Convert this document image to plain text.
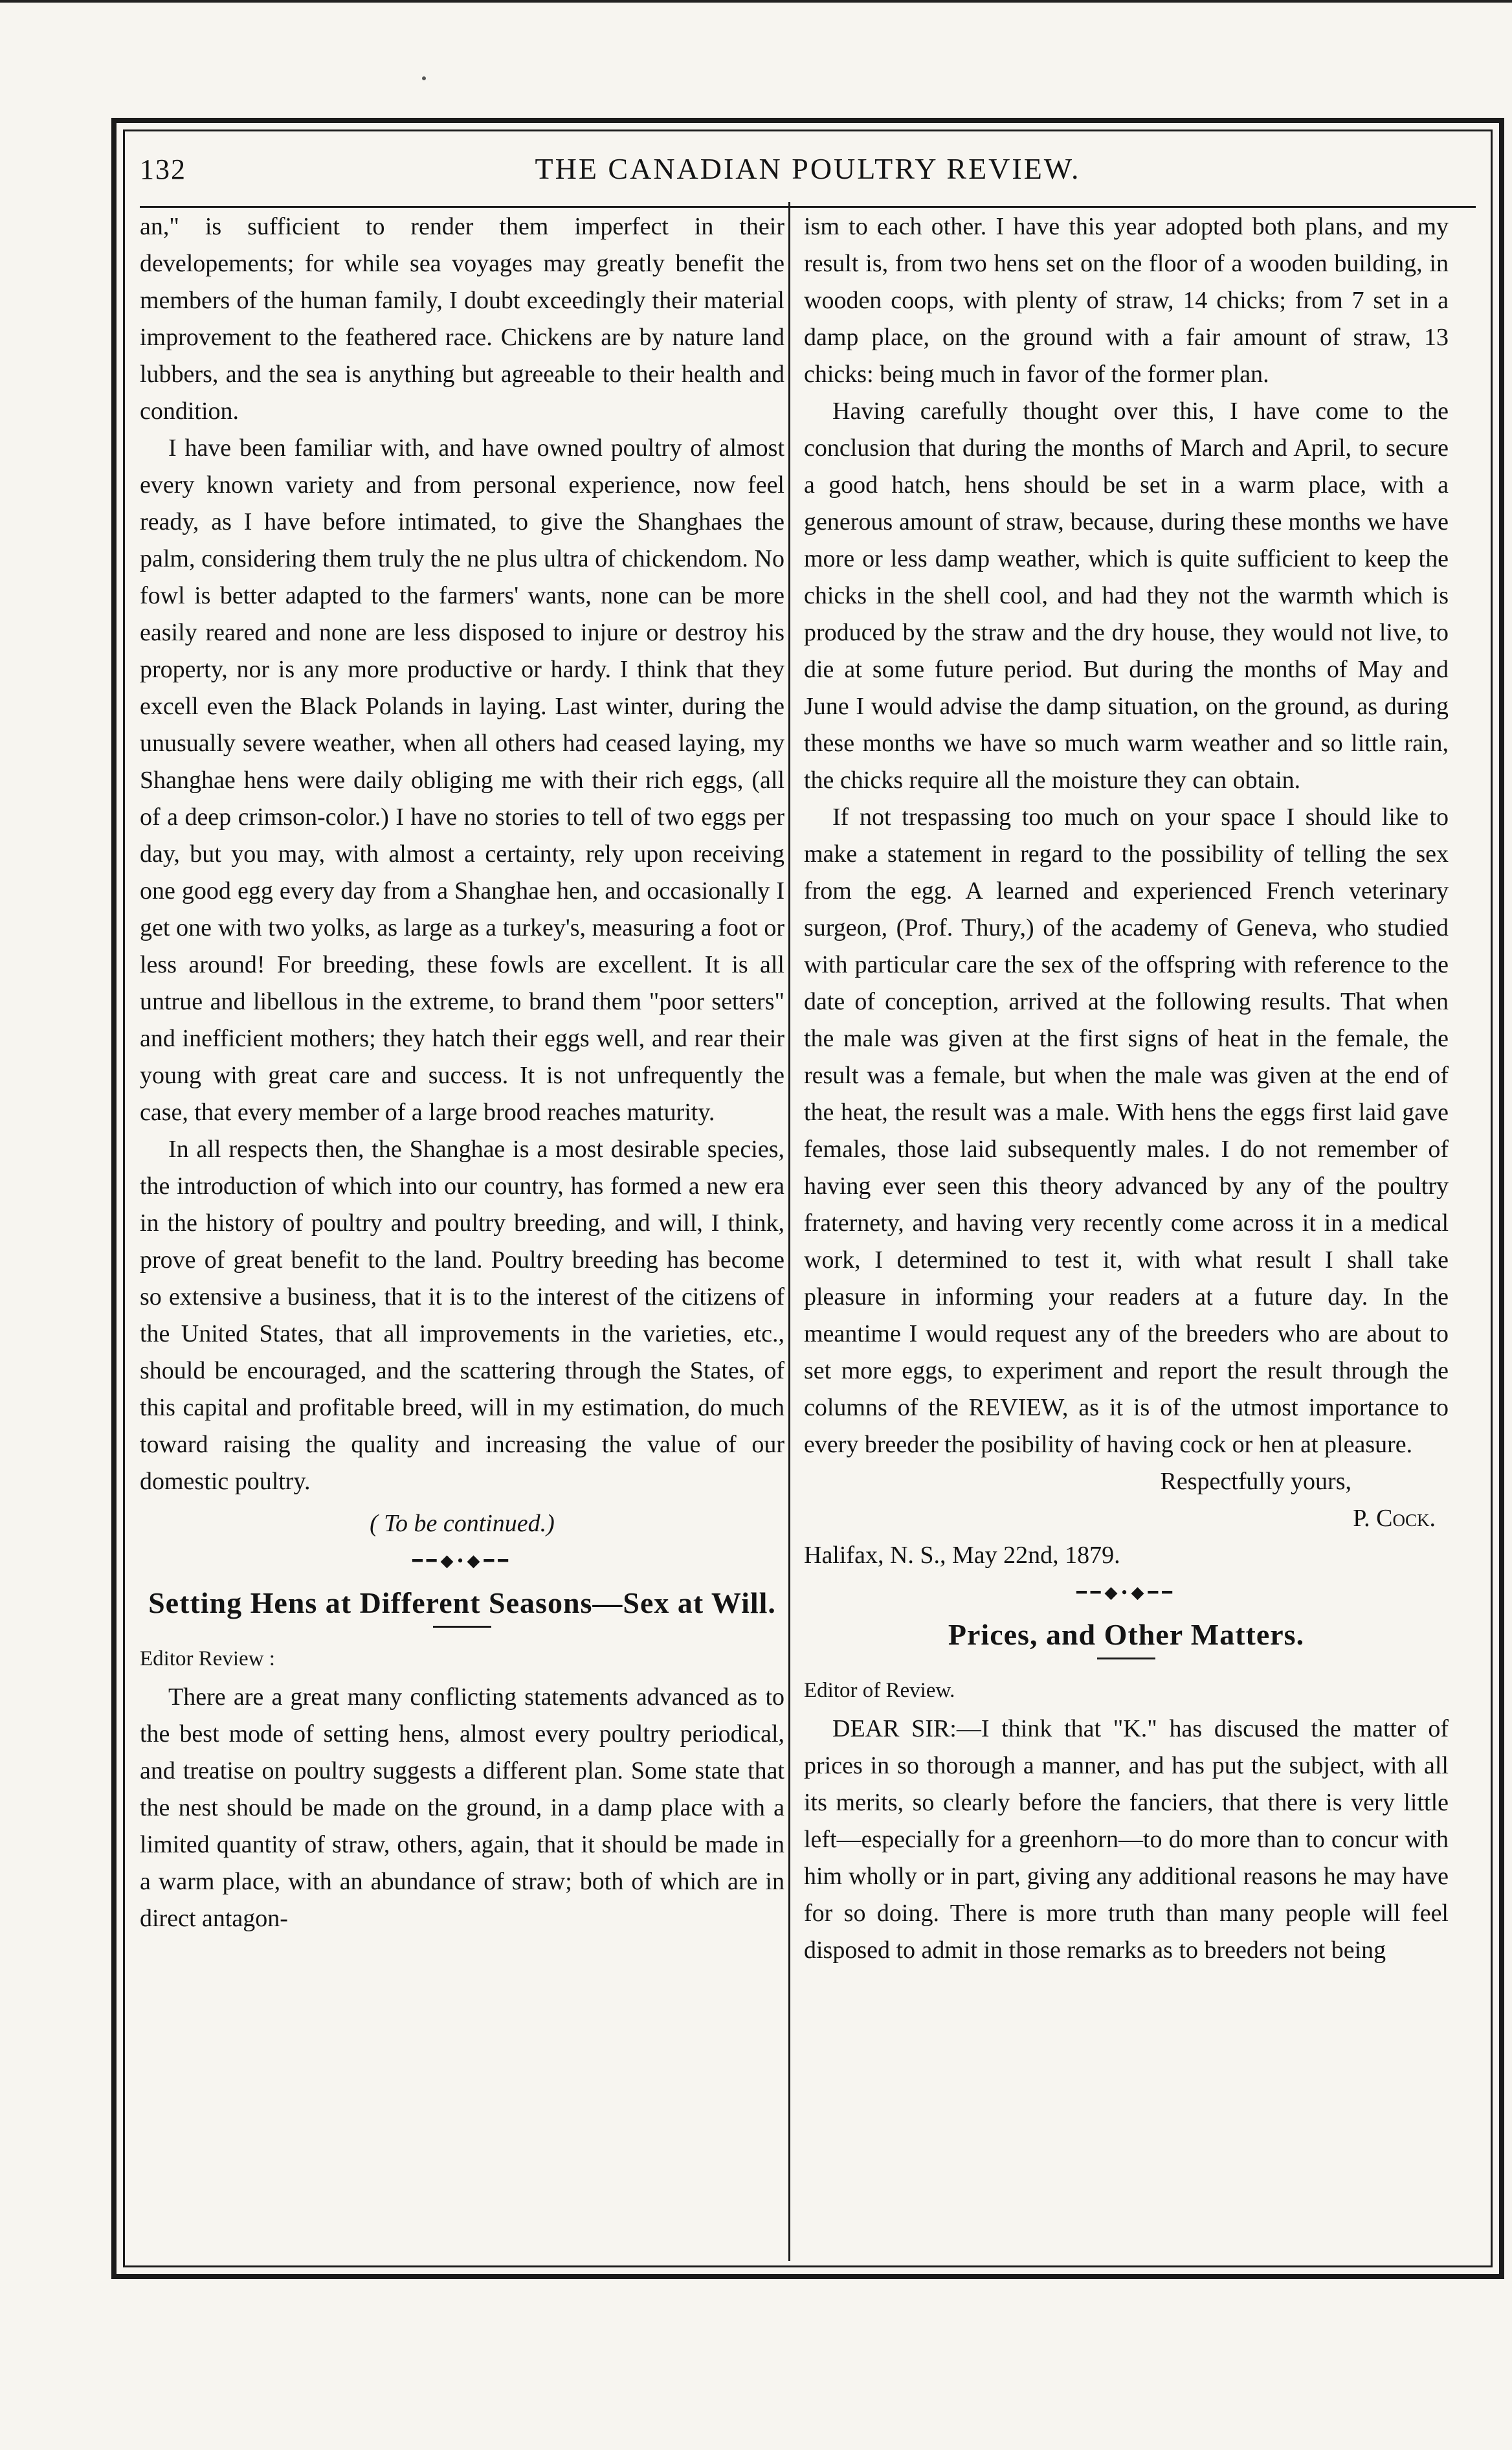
132	THE CANADIAN POULTRY REVIEW.

an," is sufficient to render them imperfect in their developements; for while sea voyages may greatly benefit the members of the human family, I doubt exceedingly their material improvement to the feathered race. Chickens are by nature land lubbers, and the sea is anything but agreeable to their health and condition.

I have been familiar with, and have owned poultry of almost every known variety and from personal experience, now feel ready, as I have before intimated, to give the Shanghaes the palm, considering them truly the ne plus ultra of chickendom. No fowl is better adapted to the farmers' wants, none can be more easily reared and none are less disposed to injure or destroy his property, nor is any more productive or hardy. I think that they excell even the Black Polands in laying. Last winter, during the unusually severe weather, when all others had ceased laying, my Shanghae hens were daily obliging me with their rich eggs, (all of a deep crimson-color.) I have no stories to tell of two eggs per day, but you may, with almost a certainty, rely upon receiving one good egg every day from a Shanghae hen, and occasionally I get one with two yolks, as large as a turkey's, measuring a foot or less around! For breeding, these fowls are excellent. It is all untrue and libellous in the extreme, to brand them "poor setters" and inefficient mothers; they hatch their eggs well, and rear their young with great care and success. It is not unfrequently the case, that every member of a large brood reaches maturity.

In all respects then, the Shanghae is a most desirable species, the introduction of which into our country, has formed a new era in the history of poultry and poultry breeding, and will, I think, prove of great benefit to the land. Poultry breeding has become so extensive a business, that it is to the interest of the citizens of the United States, that all improvements in the varieties, etc., should be encouraged, and the scattering through the States, of this capital and profitable breed, will in my estimation, do much toward raising the quality and increasing the value of our domestic poultry.

( To be continued.)
━━◆•◆━━
Setting Hens at Different Seasons—Sex at Will.
Editor Review :

There are a great many conflicting statements advanced as to the best mode of setting hens, almost every poultry periodical, and treatise on poultry suggests a different plan. Some state that the nest should be made on the ground, in a damp place with a limited quantity of straw, others, again, that it should be made in a warm place, with an abundance of straw; both of which are in direct antagon-

ism to each other. I have this year adopted both plans, and my result is, from two hens set on the floor of a wooden building, in wooden coops, with plenty of straw, 14 chicks; from 7 set in a damp place, on the ground with a fair amount of straw, 13 chicks: being much in favor of the former plan.

Having carefully thought over this, I have come to the conclusion that during the months of March and April, to secure a good hatch, hens should be set in a warm place, with a generous amount of straw, because, during these months we have more or less damp weather, which is quite sufficient to keep the chicks in the shell cool, and had they not the warmth which is produced by the straw and the dry house, they would not live, to die at some future period. But during the months of May and June I would advise the damp situation, on the ground, as during these months we have so much warm weather and so little rain, the chicks require all the moisture they can obtain.

If not trespassing too much on your space I should like to make a statement in regard to the possibility of telling the sex from the egg. A learned and experienced French veterinary surgeon, (Prof. Thury,) of the academy of Geneva, who studied with particular care the sex of the offspring with reference to the date of conception, arrived at the following results. That when the male was given at the first signs of heat in the female, the result was a female, but when the male was given at the end of the heat, the result was a male. With hens the eggs first laid gave females, those laid subsequently males. I do not remember of having ever seen this theory advanced by any of the poultry fraternety, and having very recently come across it in a medical work, I determined to test it, with what result I shall take pleasure in informing your readers at a future day. In the meantime I would request any of the breeders who are about to set more eggs, to experiment and report the result through the columns of the REVIEW, as it is of the utmost importance to every breeder the posibility of having cock or hen at pleasure.

Respectfully yours,

P. Cock.

Halifax, N. S., May 22nd, 1879.

━━◆•◆━━
Prices, and Other Matters.
Editor of Review.

DEAR SIR:—I think that "K." has discused the matter of prices in so thorough a manner, and has put the subject, with all its merits, so clearly before the fanciers, that there is very little left—especially for a greenhorn—to do more than to concur with him wholly or in part, giving any additional reasons he may have for so doing. There is more truth than many people will feel disposed to admit in those remarks as to breeders not being
